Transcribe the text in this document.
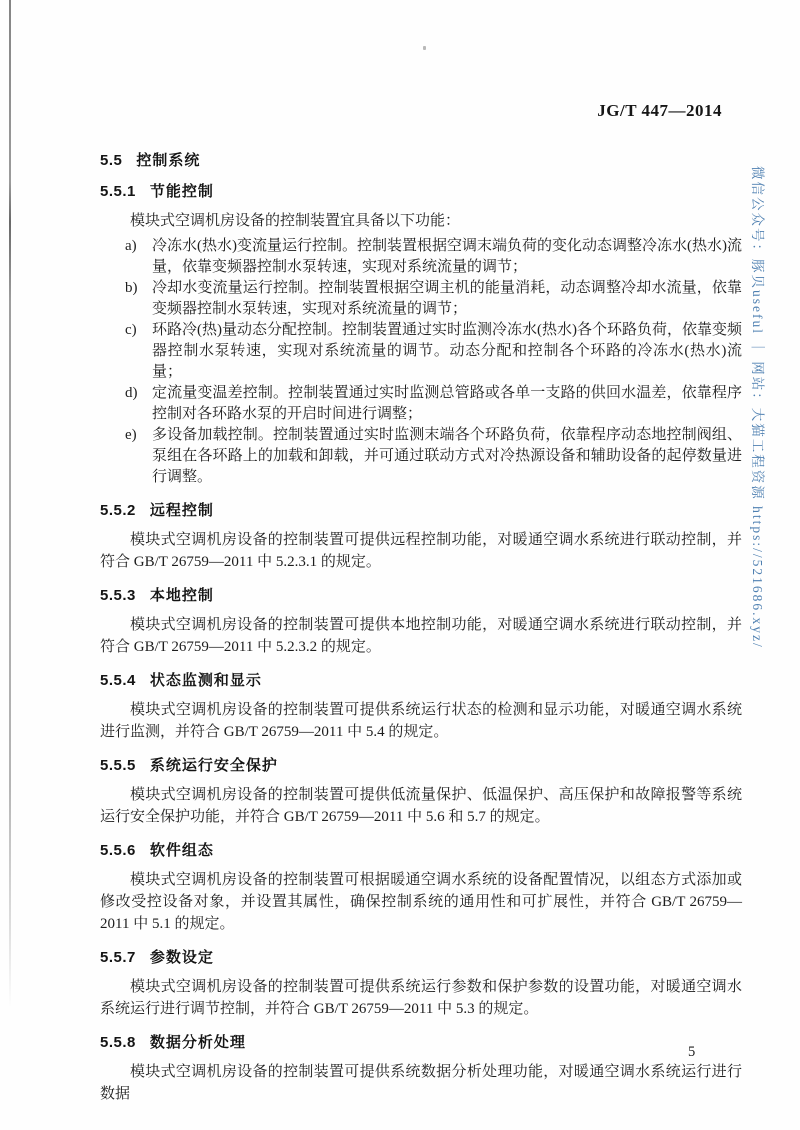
JG/T 447—2014
5.5 控制系统
5.5.1 节能控制

模块式空调机房设备的控制装置宜具备以下功能：

a) 冷冻水(热水)变流量运行控制。控制装置根据空调末端负荷的变化动态调整冷冻水(热水)流量，依靠变频器控制水泵转速，实现对系统流量的调节；
b) 冷却水变流量运行控制。控制装置根据空调主机的能量消耗，动态调整冷却水流量，依靠变频器控制水泵转速，实现对系统流量的调节；
c) 环路冷(热)量动态分配控制。控制装置通过实时监测冷冻水(热水)各个环路负荷，依靠变频器控制水泵转速，实现对系统流量的调节。动态分配和控制各个环路的冷冻水(热水)流量；
d) 定流量变温差控制。控制装置通过实时监测总管路或各单一支路的供回水温差，依靠程序控制对各环路水泵的开启时间进行调整；
e) 多设备加载控制。控制装置通过实时监测末端各个环路负荷，依靠程序动态地控制阀组、泵组在各环路上的加载和卸载，并可通过联动方式对冷热源设备和辅助设备的起停数量进行调整。
5.5.2 远程控制

模块式空调机房设备的控制装置可提供远程控制功能，对暖通空调水系统进行联动控制，并符合 GB/T 26759—2011 中 5.2.3.1 的规定。

5.5.3 本地控制

模块式空调机房设备的控制装置可提供本地控制功能，对暖通空调水系统进行联动控制，并符合 GB/T 26759—2011 中 5.2.3.2 的规定。

5.5.4 状态监测和显示

模块式空调机房设备的控制装置可提供系统运行状态的检测和显示功能，对暖通空调水系统进行监测，并符合 GB/T 26759—2011 中 5.4 的规定。

5.5.5 系统运行安全保护

模块式空调机房设备的控制装置可提供低流量保护、低温保护、高压保护和故障报警等系统运行安全保护功能，并符合 GB/T 26759—2011 中 5.6 和 5.7 的规定。

5.5.6 软件组态

模块式空调机房设备的控制装置可根据暖通空调水系统的设备配置情况，以组态方式添加或修改受控设备对象，并设置其属性，确保控制系统的通用性和可扩展性，并符合 GB/T 26759—2011 中 5.1 的规定。

5.5.7 参数设定

模块式空调机房设备的控制装置可提供系统运行参数和保护参数的设置功能，对暖通空调水系统运行进行调节控制，并符合 GB/T 26759—2011 中 5.3 的规定。

5.5.8 数据分析处理

模块式空调机房设备的控制装置可提供系统数据分析处理功能，对暖通空调水系统运行进行数据

微信公众号：豚贝useful ｜ 网站：大猫工程资源 https://521686.xyz/
5
